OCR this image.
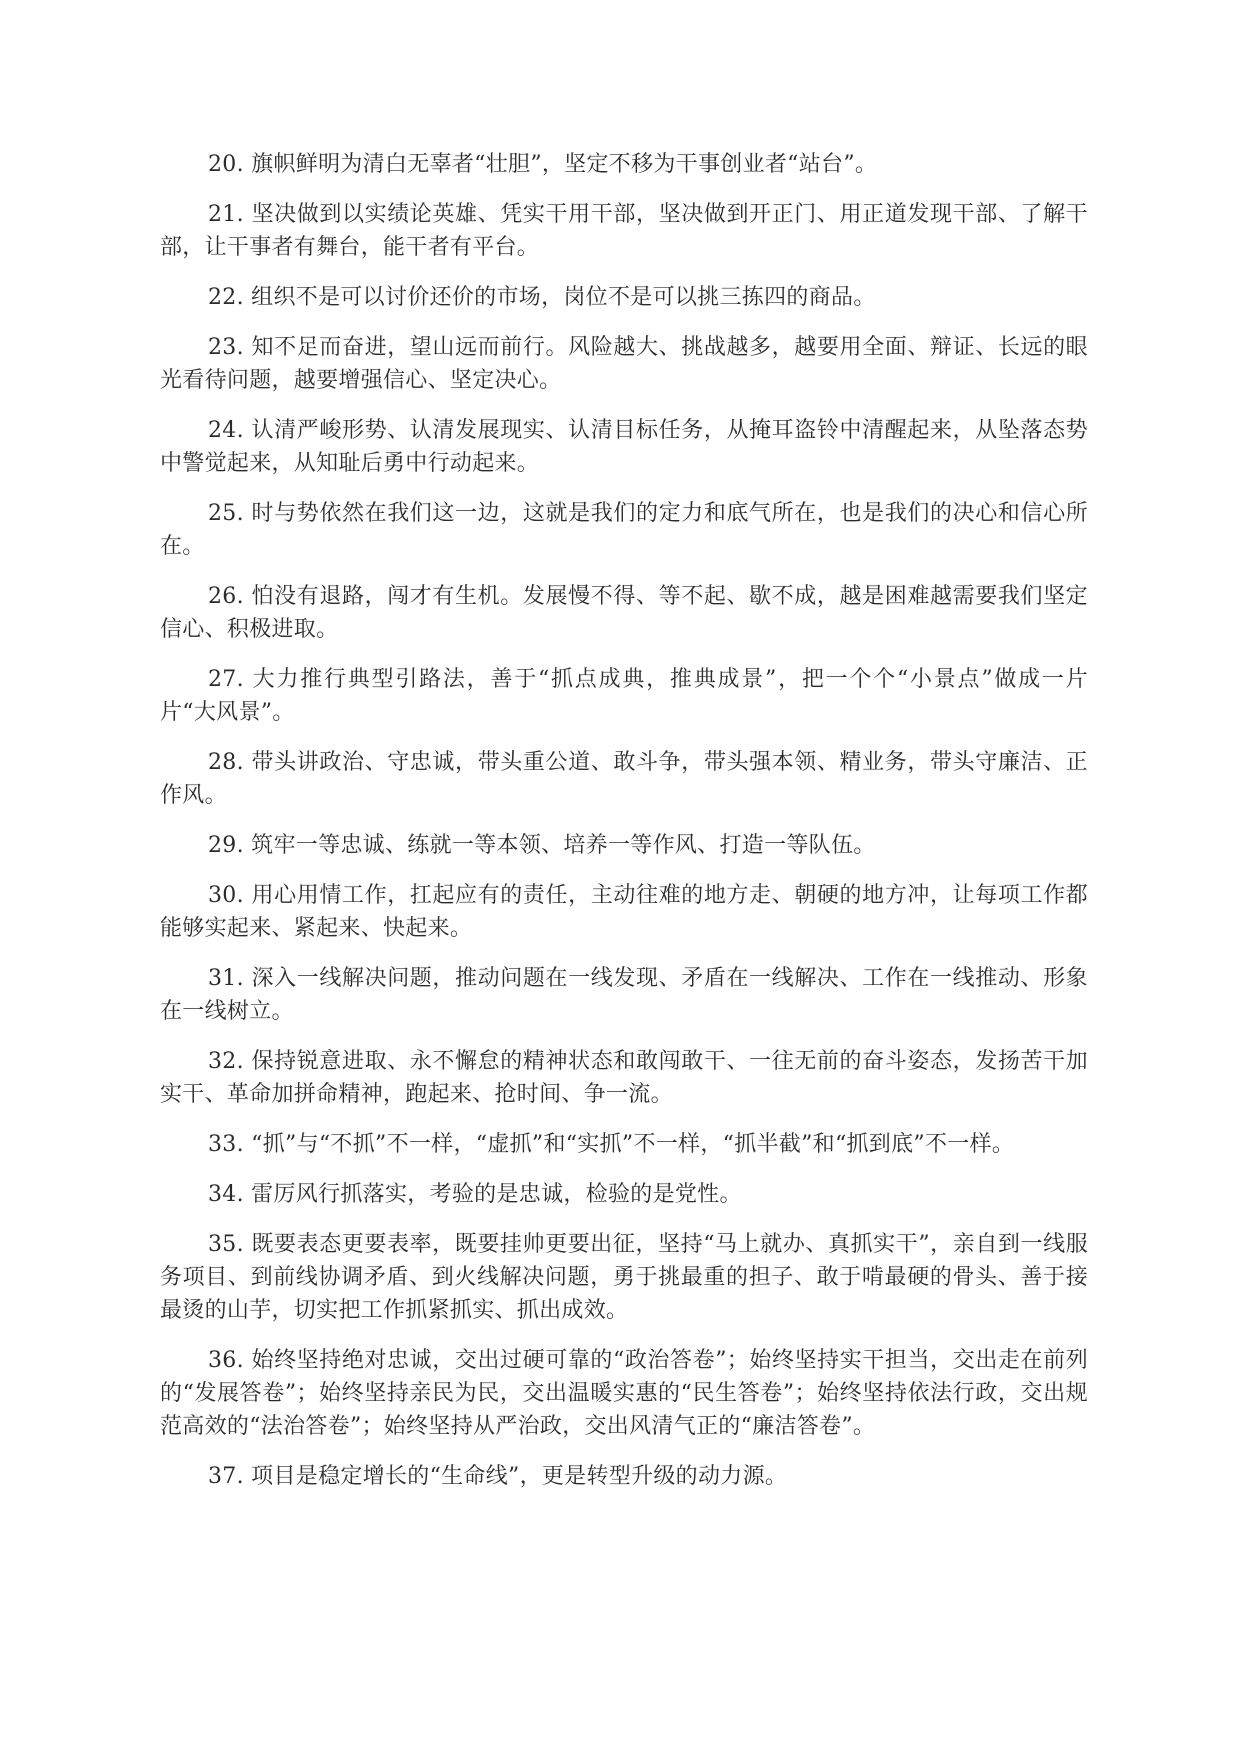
20. 旗帜鲜明为清白无辜者“壮胆”，坚定不移为干事创业者“站台”。

21. 坚决做到以实绩论英雄、凭实干用干部，坚决做到开正门、用正道发现干部、了解干部，让干事者有舞台，能干者有平台。

22. 组织不是可以讨价还价的市场，岗位不是可以挑三拣四的商品。

23. 知不足而奋进，望山远而前行。风险越大、挑战越多，越要用全面、辩证、长远的眼光看待问题，越要增强信心、坚定决心。

24. 认清严峻形势、认清发展现实、认清目标任务，从掩耳盗铃中清醒起来，从坠落态势中警觉起来，从知耻后勇中行动起来。

25. 时与势依然在我们这一边，这就是我们的定力和底气所在，也是我们的决心和信心所在。

26. 怕没有退路，闯才有生机。发展慢不得、等不起、歇不成，越是困难越需要我们坚定信心、积极进取。

27. 大力推行典型引路法，善于“抓点成典，推典成景”，把一个个“小景点”做成一片片“大风景”。

28. 带头讲政治、守忠诚，带头重公道、敢斗争，带头强本领、精业务，带头守廉洁、正作风。

29. 筑牢一等忠诚、练就一等本领、培养一等作风、打造一等队伍。

30. 用心用情工作，扛起应有的责任，主动往难的地方走、朝硬的地方冲，让每项工作都能够实起来、紧起来、快起来。

31. 深入一线解决问题，推动问题在一线发现、矛盾在一线解决、工作在一线推动、形象在一线树立。

32. 保持锐意进取、永不懈怠的精神状态和敢闯敢干、一往无前的奋斗姿态，发扬苦干加实干、革命加拼命精神，跑起来、抢时间、争一流。

33. “抓”与“不抓”不一样，“虚抓”和“实抓”不一样，“抓半截”和“抓到底”不一样。

34. 雷厉风行抓落实，考验的是忠诚，检验的是党性。

35. 既要表态更要表率，既要挂帅更要出征，坚持“马上就办、真抓实干”，亲自到一线服务项目、到前线协调矛盾、到火线解决问题，勇于挑最重的担子、敢于啃最硬的骨头、善于接最烫的山芋，切实把工作抓紧抓实、抓出成效。

36. 始终坚持绝对忠诚，交出过硬可靠的“政治答卷”；始终坚持实干担当，交出走在前列的“发展答卷”；始终坚持亲民为民，交出温暖实惠的“民生答卷”；始终坚持依法行政，交出规范高效的“法治答卷”；始终坚持从严治政，交出风清气正的“廉洁答卷”。

37. 项目是稳定增长的“生命线”，更是转型升级的动力源。
